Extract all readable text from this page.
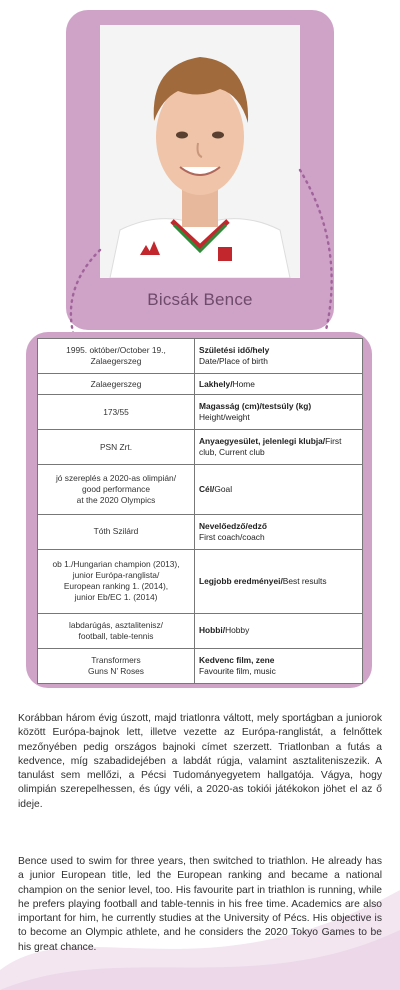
Bicsák Bence
1995. október/October 19.,
Zalaegerszeg	Születési idő/hely
Date/Place of birth
Zalaegerszeg	Lakhely/Home
173/55	Magasság (cm)/testsúly (kg)
Height/weight
PSN Zrt.	Anyaegyesület, jelenlegi klubja/First club, Current club
jó szereplés a 2020-as olimpián/
good performance
at the 2020 Olympics	Cél/Goal
Tóth Szilárd	Nevelőedző/edző
First coach/coach
ob 1./Hungarian champion (2013),
junior Európa-ranglista/
European ranking 1. (2014),
junior Eb/EC 1. (2014)	Legjobb eredményei/Best results
labdarúgás, asztalitenisz/
football, table-tennis	Hobbi/Hobby
Transformers
Guns N’ Roses	Kedvenc film, zene
Favourite film, music
Korábban három évig úszott, majd triatlonra váltott, mely sportágban a juniorok között Európa-bajnok lett, illetve vezette az Európa-ranglistát, a felnőttek mezőnyében pedig országos bajnoki címet szerzett. Triatlonban a futás a kedvence, míg szabadidejében a labdát rúgja, valamint asztaliteniszezik. A tanulást sem mellőzi, a Pécsi Tudományegyetem hallgatója. Vágya, hogy olimpián szerepelhessen, és úgy véli, a 2020-as tokiói játékokon jöhet el az ő ideje.
Bence used to swim for three years, then switched to triathlon. He already has a junior European title, led the European ranking and became a national champion on the senior level, too. His favourite part in triathlon is running, while he prefers playing football and table-tennis in his free time. Academics are also important for him, he currently studies at the University of Pécs. His objective is to become an Olympic athlete, and he considers the 2020 Tokyo Games to be his great chance.
